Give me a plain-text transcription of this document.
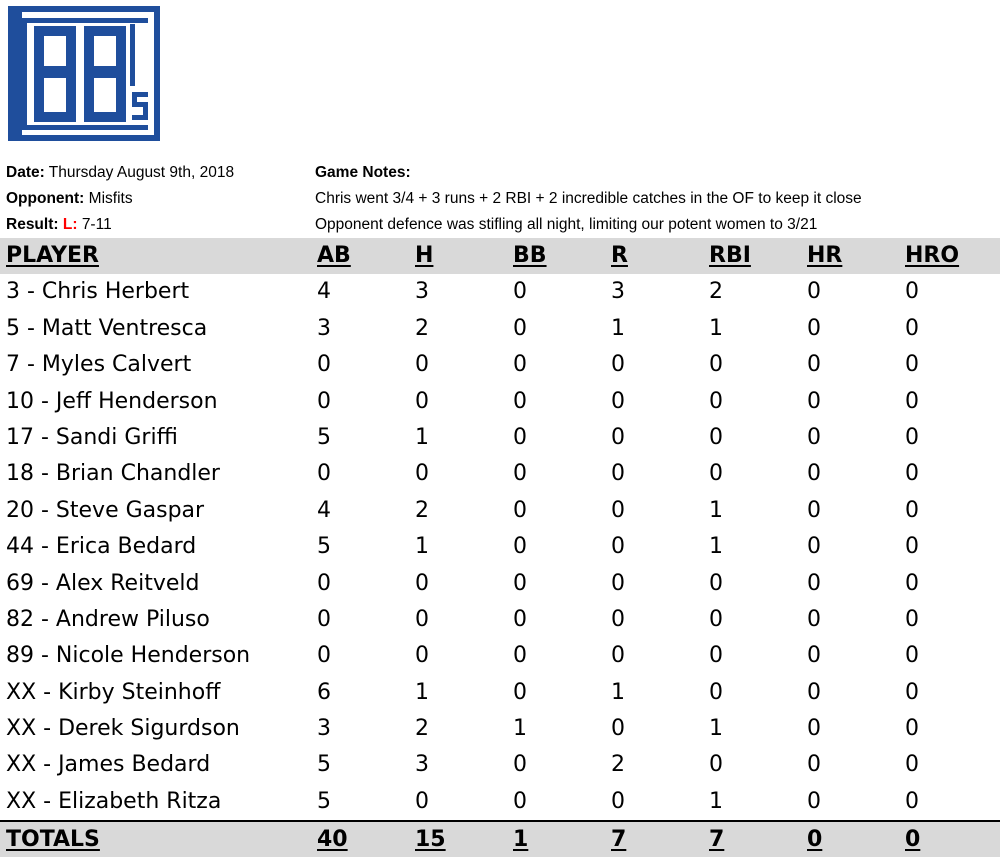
Date: Thursday August 9th, 2018
Opponent: Misfits
Result: L: 7-11
Game Notes:
Chris went 3/4 + 3 runs + 2 RBI + 2 incredible catches in the OF to keep it close
Opponent defence was stifling all night, limiting our potent women to 3/21
PLAYER	AB	H	BB	R	RBI	HR	HRO
3 - Chris Herbert	4	3	0	3	2	0	0
5 - Matt Ventresca	3	2	0	1	1	0	0
7 - Myles Calvert	0	0	0	0	0	0	0
10 - Jeff Henderson	0	0	0	0	0	0	0
17 - Sandi Griffi	5	1	0	0	0	0	0
18 - Brian Chandler	0	0	0	0	0	0	0
20 - Steve Gaspar	4	2	0	0	1	0	0
44 - Erica Bedard	5	1	0	0	1	0	0
69 - Alex Reitveld	0	0	0	0	0	0	0
82 - Andrew Piluso	0	0	0	0	0	0	0
89 - Nicole Henderson	0	0	0	0	0	0	0
XX - Kirby Steinhoff	6	1	0	1	0	0	0
XX - Derek Sigurdson	3	2	1	0	1	0	0
XX - James Bedard	5	3	0	2	0	0	0
XX - Elizabeth Ritza	5	0	0	0	1	0	0
TOTALS	40	15	1	7	7	0	0
